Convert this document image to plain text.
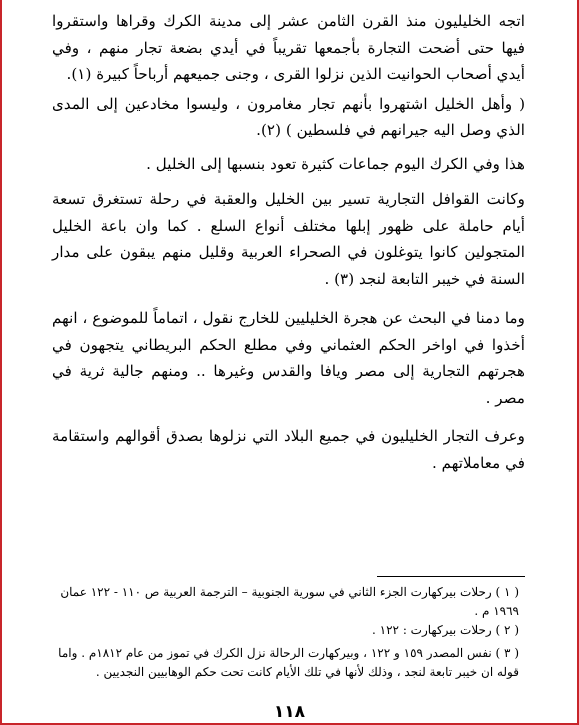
اتجه الخليليون منذ القرن الثامن عشر إلى مدينة الكرك وقراها واستقروا فيها حتى أضحت التجارة بأجمعها تقريباً في أيدي بضعة تجار منهم ، وفي أيدي أصحاب الحوانيت الذين نزلوا القرى ، وجنى جميعهم أرباحاً كبيرة (١).

( وأهل الخليل اشتهروا بأنهم تجار مغامرون ، وليسوا مخادعين إلى المدى الذي وصل اليه جيرانهم في فلسطين ) (٢).

هذا وفي الكرك اليوم جماعات كثيرة تعود بنسبها إلى الخليل .

وكانت القوافل التجارية تسير بين الخليل والعقبة في رحلة تستغرق تسعة أيام حاملة على ظهور إبلها مختلف أنواع السلع . كما وان باعة الخليل المتجولين كانوا يتوغلون في الصحراء العربية وقليل منهم يبقون على مدار السنة في خيبر التابعة لنجد (٣) .

وما دمنا في البحث عن هجرة الخليليين للخارج نقول ، اتماماً للموضوع ، انهم أخذوا في اواخر الحكم العثماني وفي مطلع الحكم البريطاني يتجهون في هجرتهم التجارية إلى مصر ويافا والقدس وغيرها .. ومنهم جالية ثرية في مصر .

وعرف التجار الخليليون في جميع البلاد التي نزلوها بصدق أقوالهم واستقامة في معاملاتهم .

( ١ ) رحلات بيركهارت الجزء الثاني في سورية الجنوبية – الترجمة العربية ص ١١٠ - ١٢٢ عمان ١٩٦٩ م .

( ٢ ) رحلات بيركهارت : ١٢٢ .

( ٣ ) نفس المصدر ١٥٩ و ١٢٢ ، وبيركهارت الرحالة نزل الكرك في تموز من عام ١٨١٢م . واما قوله ان خيبر تابعة لنجد ، وذلك لأنها في تلك الأيام كانت تحت حكم الوهابيين النجديين .

١١٨
